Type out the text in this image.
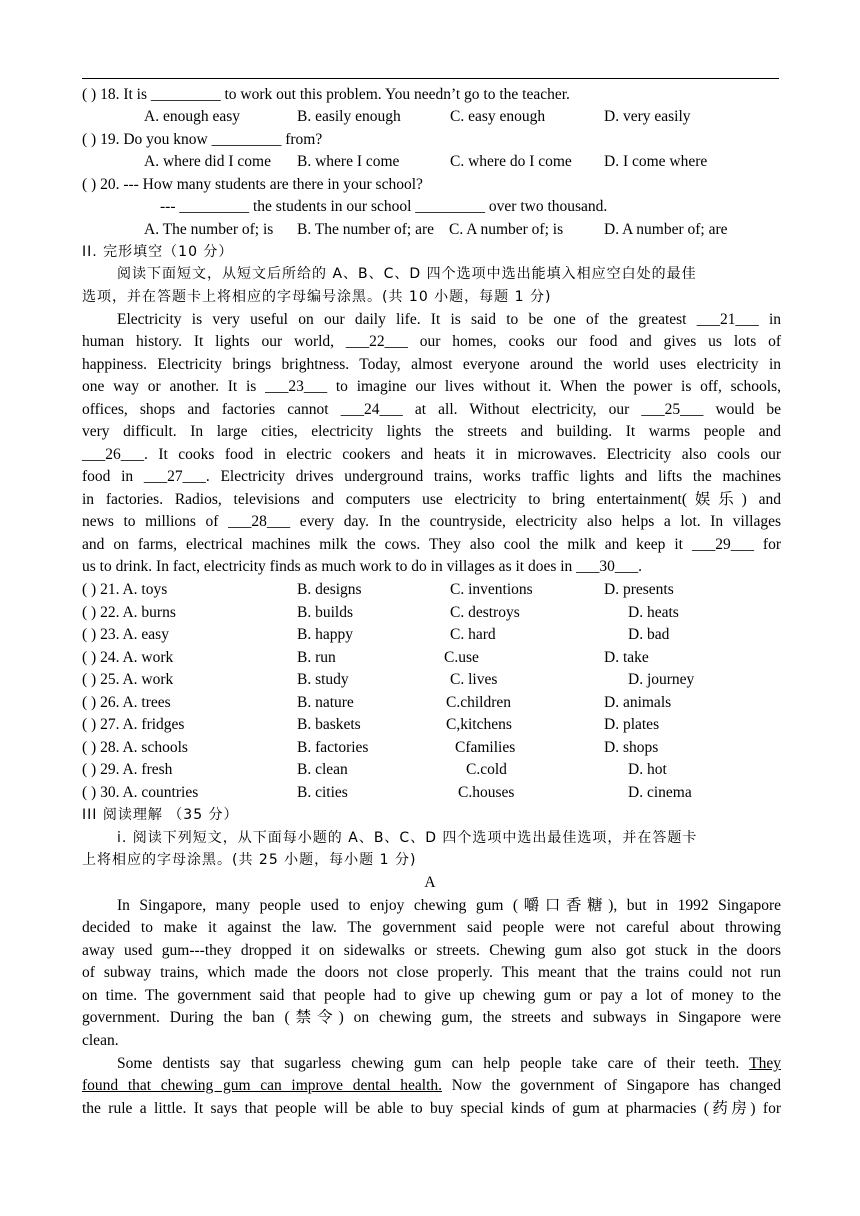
( ) 18. It is _________ to work out this problem. You needn’t go to the teacher.
A. enough easy	B. easily enough	C. easy enough	D. very easily
( ) 19. Do you know _________ from?
A. where did I come B. where I come	C. where do I come D. I come where
( ) 20. --- How many students are there in your school?
--- _________ the students in our school _________ over two thousand.
A. The number of; is B. The number of; are C. A number of; is	D. A number of; are
II. 完形填空（10 分）
阅读下面短文，从短文后所给的 A、B、C、D 四个选项中选出能填入相应空白处的最佳
选项，并在答题卡上将相应的字母编号涂黑。(共 10 小题，每题 1 分)
Electricity is very useful on our daily life. It is said to be one of the greatest ___21___ in
human history. It lights our world, ___22___ our homes, cooks our food and gives us lots of
happiness. Electricity brings brightness. Today, almost everyone around the world uses electricity in
one way or another. It is ___23___ to imagine our lives without it. When the power is off, schools,
offices, shops and factories cannot ___24___ at all. Without electricity, our ___25___ would be
very difficult. In large cities, electricity lights the streets and building. It warms people and
___26___. It cooks food in electric cookers and heats it in microwaves. Electricity also cools our
food in ___27___. Electricity drives underground trains, works traffic lights and lifts the machines
in factories. Radios, televisions and computers use electricity to bring entertainment(娱乐) and
news to millions of ___28___ every day. In the countryside, electricity also helps a lot. In villages
and on farms, electrical machines milk the cows. They also cool the milk and keep it ___29___ for
us to drink. In fact, electricity finds as much work to do in villages as it does in ___30___.
( ) 21. A. toys	B. designs	C. inventions	D. presents
( ) 22. A. burns	B. builds	C. destroys	D. heats
( ) 23. A. easy	B. happy	C. hard	D. bad
( ) 24. A. work	B. run	C.use	D. take
( ) 25. A. work	B. study	C. lives	D. journey
( ) 26. A. trees	B. nature	C.children	D. animals
( ) 27. A. fridges	B. baskets	C,kitchens	D. plates
( ) 28. A. schools	B. factories	Cfamilies	D. shops
( ) 29. A. fresh	B. clean	C.cold	D. hot
( ) 30. A. countries	B. cities	C.houses	D. cinema
III 阅读理解 （35 分）
i. 阅读下列短文，从下面每小题的 A、B、C、D 四个选项中选出最佳选项，并在答题卡
上将相应的字母涂黑。(共 25 小题，每小题 1 分)
A
In Singapore, many people used to enjoy chewing gum (嚼口香糖), but in 1992 Singapore
decided to make it against the law. The government said people were not careful about throwing
away used gum---they dropped it on sidewalks or streets. Chewing gum also got stuck in the doors
of subway trains, which made the doors not close properly. This meant that the trains could not run
on time. The government said that people had to give up chewing gum or pay a lot of money to the
government. During the ban (禁令) on chewing gum, the streets and subways in Singapore were
clean.
Some dentists say that sugarless chewing gum can help people take care of their teeth. They
found that chewing gum can improve dental health. Now the government of Singapore has changed
the rule a little. It says that people will be able to buy special kinds of gum at pharmacies (药房) for
